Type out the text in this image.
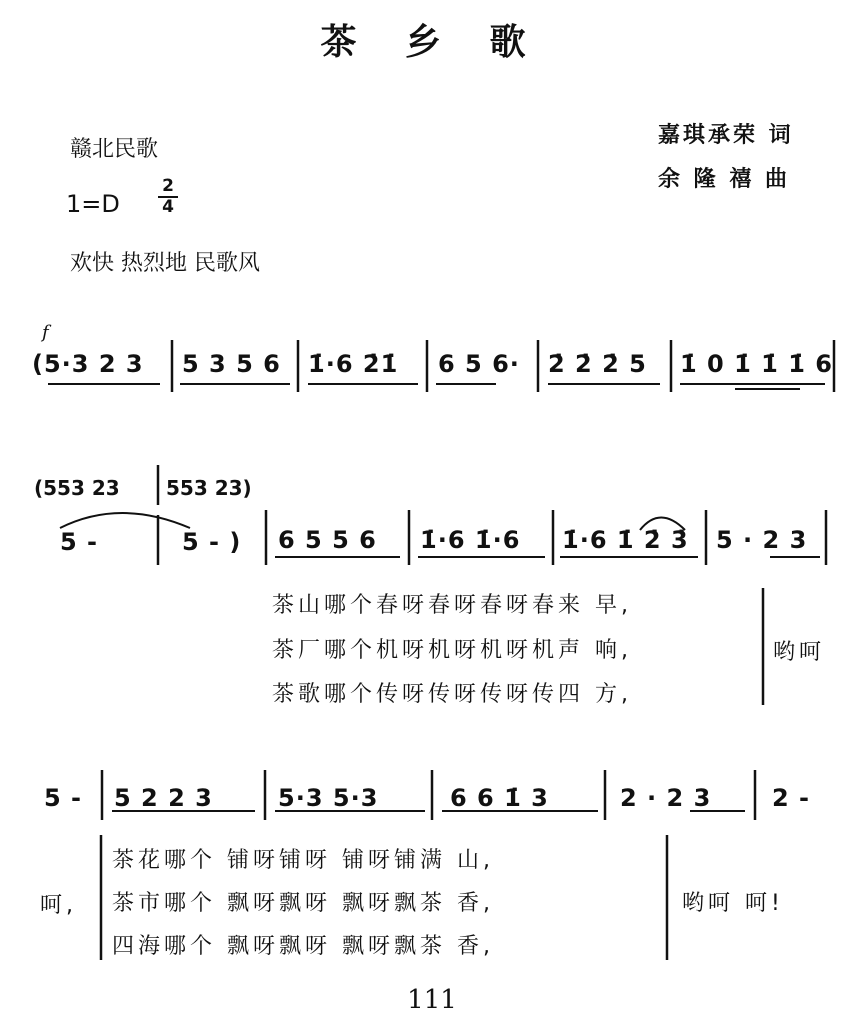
茶 乡 歌
赣北民歌
1=D
2
4
欢快 热烈地 民歌风
嘉琪承荣 词
余 隆 禧 曲
f
(5·3 2 3 5 3 5 6 1̇·6 2̇1̇ 6 5 6· 2̇ 2̇ 2̇ 5 1̇ 0 1̇ 1̇ 1̇ 6
(553 23 553 23)
5 -	5 - ) 6 5 5 6 1̇·6 1̇·6 1̇·6 1̇ 2̇ 3̇ 5 · 2 3
茶山哪个春呀春呀春呀春来 早,
茶厂哪个机呀机呀机呀机声 响,
茶歌哪个传呀传呀传呀传四 方,
哟呵
5 - 5 2 2 3	5·3 5·3	6 6 1̇ 3	2 · 2 3	2 -
呵,
茶花哪个 铺呀铺呀 铺呀铺满 山,
茶市哪个 飘呀飘呀 飘呀飘茶 香,
四海哪个 飘呀飘呀 飘呀飘茶 香,
哟呵 呵!
111
